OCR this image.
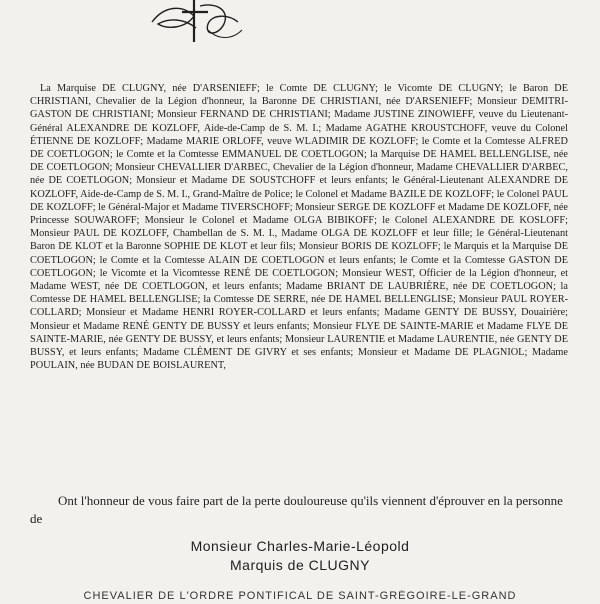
La Marquise DE CLUGNY, née D'ARSENIEFF; le Comte DE CLUGNY; le Vicomte DE CLUGNY; le Baron DE CHRISTIANI, Chevalier de la Légion d'honneur, la Baronne DE CHRISTIANI, née D'ARSENIEFF; Monsieur DEMITRI-GASTON DE CHRISTIANI; Monsieur FERNAND DE CHRISTIANI; Madame JUSTINE ZINOWIEFF, veuve du Lieutenant-Général ALEXANDRE DE KOZLOFF, Aide-de-Camp de S. M. I.; Madame AGATHE KROUSTCHOFF, veuve du Colonel ÉTIENNE DE KOZLOFF; Madame MARIE ORLOFF, veuve WLADIMIR DE KOZLOFF; le Comte et la Comtesse ALFRED DE COETLOGON; le Comte et la Comtesse EMMANUEL DE COETLOGON; la Marquise DE HAMEL BELLENGLISE, née DE COETLOGON; Monsieur CHEVALLIER D'ARBEC, Chevalier de la Légion d'honneur, Madame CHEVALLIER D'ARBEC, née DE COETLOGON; Monsieur et Madame DE SOUSTCHOFF et leurs enfants; le Général-Lieutenant ALEXANDRE DE KOZLOFF, Aide-de-Camp de S. M. I., Grand-Maître de Police; le Colonel et Madame BAZILE DE KOZLOFF; le Colonel PAUL DE KOZLOFF; le Général-Major et Madame TIVERSCHOFF; Monsieur SERGE DE KOZLOFF et Madame DE KOZLOFF, née Princesse SOUWAROFF; Monsieur le Colonel et Madame OLGA BIBIKOFF; le Colonel ALEXANDRE DE KOSLOFF; Monsieur PAUL DE KOZLOFF, Chambellan de S. M. I., Madame OLGA DE KOZLOFF et leur fille; le Général-Lieutenant Baron DE KLOT et la Baronne SOPHIE DE KLOT et leur fils; Monsieur BORIS DE KOZLOFF; le Marquis et la Marquise DE COETLOGON; le Comte et la Comtesse ALAIN DE COETLOGON et leurs enfants; le Comte et la Comtesse GASTON DE COETLOGON; le Vicomte et la Vicomtesse RENÉ DE COETLOGON; Monsieur WEST, Officier de la Légion d'honneur, et Madame WEST, née DE COETLOGON, et leurs enfants; Madame BRIANT DE LAUBRIÈRE, née DE COETLOGON; la Comtesse DE HAMEL BELLENGLISE; la Comtesse DE SERRE, née DE HAMEL BELLENGLISE; Monsieur PAUL ROYER-COLLARD; Monsieur et Madame HENRI ROYER-COLLARD et leurs enfants; Madame GENTY DE BUSSY, Douairière; Monsieur et Madame RENÉ GENTY DE BUSSY et leurs enfants; Monsieur FLYE DE SAINTE-MARIE et Madame FLYE DE SAINTE-MARIE, née GENTY DE BUSSY, et leurs enfants; Monsieur LAURENTIE et Madame LAURENTIE, née GENTY DE BUSSY, et leurs enfants; Madame CLÉMENT DE GIVRY et ses enfants; Monsieur et Madame DE PLAGNIOL; Madame POULAIN, née BUDAN DE BOISLAURENT,

Ont l'honneur de vous faire part de la perte douloureuse qu'ils viennent d'éprouver en la personne de

Monsieur Charles-Marie-Léopold
Marquis de CLUGNY
CHEVALIER DE L'ORDRE PONTIFICAL DE SAINT-GRÉGOIRE-LE-GRAND
